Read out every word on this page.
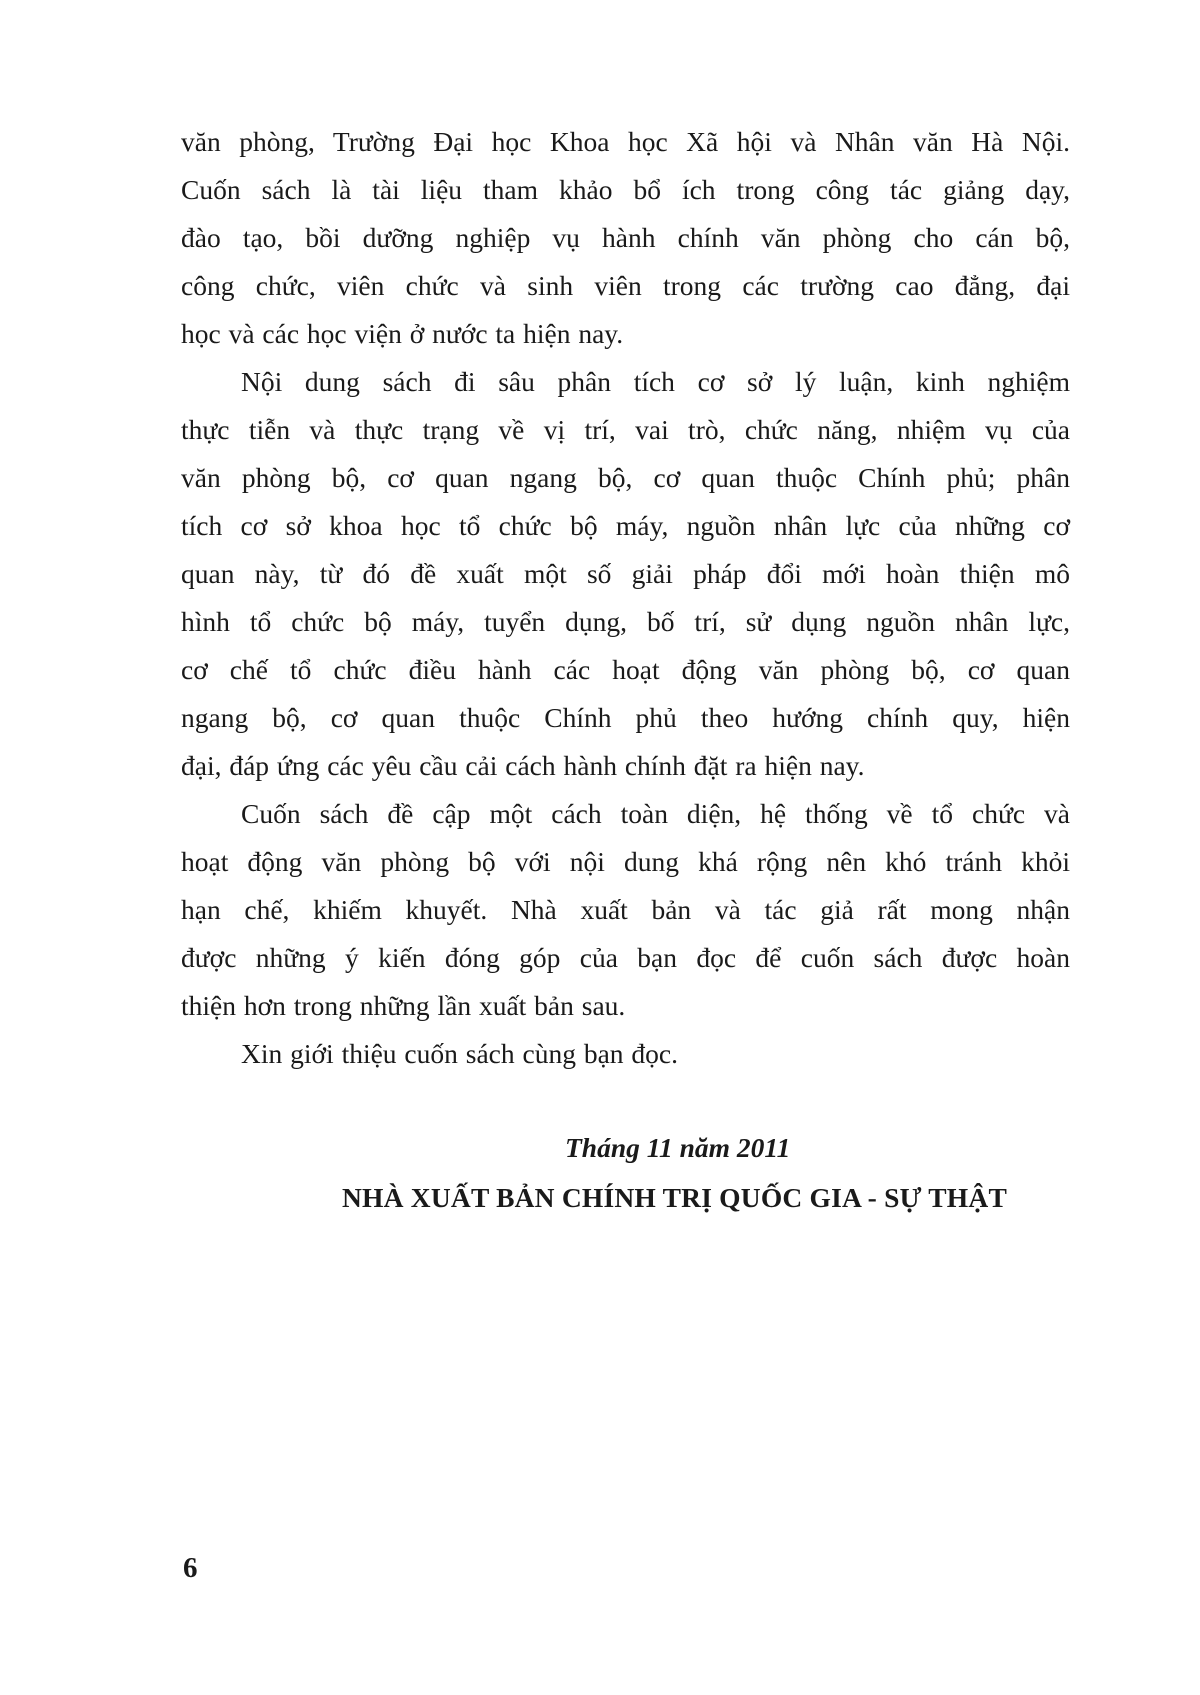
văn phòng, Trường Đại học Khoa học Xã hội và Nhân văn Hà Nội.
Cuốn sách là tài liệu tham khảo bổ ích trong công tác giảng dạy,
đào tạo, bồi dưỡng nghiệp vụ hành chính văn phòng cho cán bộ,
công chức, viên chức và sinh viên trong các trường cao đẳng, đại
học và các học viện ở nước ta hiện nay.
Nội dung sách đi sâu phân tích cơ sở lý luận, kinh nghiệm
thực tiễn và thực trạng về vị trí, vai trò, chức năng, nhiệm vụ của
văn phòng bộ, cơ quan ngang bộ, cơ quan thuộc Chính phủ; phân
tích cơ sở khoa học tổ chức bộ máy, nguồn nhân lực của những cơ
quan này, từ đó đề xuất một số giải pháp đổi mới hoàn thiện mô
hình tổ chức bộ máy, tuyển dụng, bố trí, sử dụng nguồn nhân lực,
cơ chế tổ chức điều hành các hoạt động văn phòng bộ, cơ quan
ngang bộ, cơ quan thuộc Chính phủ theo hướng chính quy, hiện
đại, đáp ứng các yêu cầu cải cách hành chính đặt ra hiện nay.
Cuốn sách đề cập một cách toàn diện, hệ thống về tổ chức và
hoạt động văn phòng bộ với nội dung khá rộng nên khó tránh khỏi
hạn chế, khiếm khuyết. Nhà xuất bản và tác giả rất mong nhận
được những ý kiến đóng góp của bạn đọc để cuốn sách được hoàn
thiện hơn trong những lần xuất bản sau.
Xin giới thiệu cuốn sách cùng bạn đọc.
Tháng 11 năm 2011
NHÀ XUẤT BẢN CHÍNH TRỊ QUỐC GIA - SỰ THẬT
6
